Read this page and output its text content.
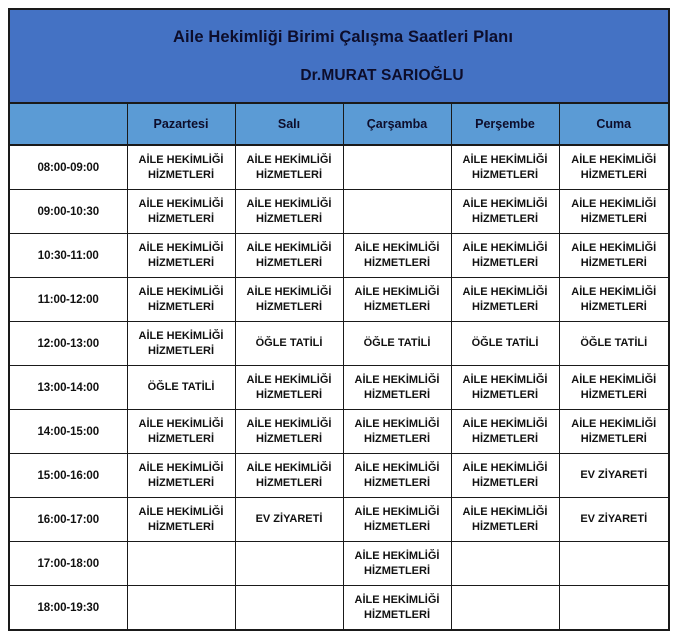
Aile Hekimliği Birimi Çalışma Saatleri Planı
Dr.MURAT SARIOĞLU					

	Pazartesi	Salı	Çarşamba	Perşembe	Cuma
08:00-09:00	AİLE HEKİMLİĞİ
HİZMETLERİ	AİLE HEKİMLİĞİ
HİZMETLERİ		AİLE HEKİMLİĞİ
HİZMETLERİ	AİLE HEKİMLİĞİ
HİZMETLERİ

09:00-10:30	AİLE HEKİMLİĞİ
HİZMETLERİ	AİLE HEKİMLİĞİ
HİZMETLERİ		AİLE HEKİMLİĞİ
HİZMETLERİ	AİLE HEKİMLİĞİ
HİZMETLERİ

10:30-11:00	AİLE HEKİMLİĞİ
HİZMETLERİ	AİLE HEKİMLİĞİ
HİZMETLERİ	AİLE HEKİMLİĞİ
HİZMETLERİ	AİLE HEKİMLİĞİ
HİZMETLERİ	AİLE HEKİMLİĞİ
HİZMETLERİ

11:00-12:00	AİLE HEKİMLİĞİ
HİZMETLERİ	AİLE HEKİMLİĞİ
HİZMETLERİ	AİLE HEKİMLİĞİ
HİZMETLERİ	AİLE HEKİMLİĞİ
HİZMETLERİ	AİLE HEKİMLİĞİ
HİZMETLERİ

12:00-13:00	AİLE HEKİMLİĞİ
HİZMETLERİ	ÖĞLE TATİLİ	ÖĞLE TATİLİ	ÖĞLE TATİLİ	ÖĞLE TATİLİ

13:00-14:00	ÖĞLE TATİLİ	AİLE HEKİMLİĞİ
HİZMETLERİ	AİLE HEKİMLİĞİ
HİZMETLERİ	AİLE HEKİMLİĞİ
HİZMETLERİ	AİLE HEKİMLİĞİ
HİZMETLERİ

14:00-15:00	AİLE HEKİMLİĞİ
HİZMETLERİ	AİLE HEKİMLİĞİ
HİZMETLERİ	AİLE HEKİMLİĞİ
HİZMETLERİ	AİLE HEKİMLİĞİ
HİZMETLERİ	AİLE HEKİMLİĞİ
HİZMETLERİ

15:00-16:00	AİLE HEKİMLİĞİ
HİZMETLERİ	AİLE HEKİMLİĞİ
HİZMETLERİ	AİLE HEKİMLİĞİ
HİZMETLERİ	AİLE HEKİMLİĞİ
HİZMETLERİ	EV ZİYARETİ

16:00-17:00	AİLE HEKİMLİĞİ
HİZMETLERİ	EV ZİYARETİ	AİLE HEKİMLİĞİ
HİZMETLERİ	AİLE HEKİMLİĞİ
HİZMETLERİ	EV ZİYARETİ

17:00-18:00			AİLE HEKİMLİĞİ
HİZMETLERİ		

18:00-19:30			AİLE HEKİMLİĞİ
HİZMETLERİ		
